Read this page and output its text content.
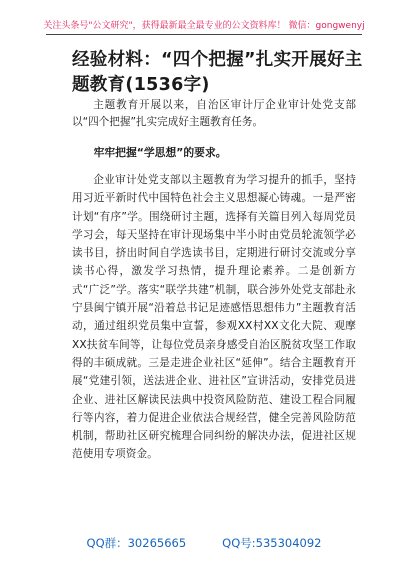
关注头条号"公文研究"，获得最新最全最专业的公文资料库！ 微信：gongwenyj
经验材料：“四个把握”扎实开展好主题教育(1536字)
主题教育开展以来，自治区审计厅企业审计处党支部以“四个把握”扎实完成好主题教育任务。
牢牢把握“学思想”的要求。
企业审计处党支部以主题教育为学习提升的抓手，坚持用习近平新时代中国特色社会主义思想凝心铸魂。一是严密计划“有序”学。围绕研讨主题，选择有关篇目列入每周党员学习会，每天坚持在审计现场集中半小时由党员轮流领学必读书目，挤出时间自学选读书目，定期进行研讨交流或分享读书心得，激发学习热情，提升理论素养。二是创新方式“广泛”学。落实“联学共建”机制，联合涉外处党支部赴永宁县闽宁镇开展“沿着总书记足迹感悟思想伟力”主题教育活动，通过组织党员集中宣誓，参观XX村XX文化大院、观摩XX扶贫车间等，让每位党员亲身感受自治区脱贫攻坚工作取得的丰硕成就。三是走进企业社区“延伸”。结合主题教育开展“党建引领，送法进企业、进社区”宣讲活动，安排党员进企业、进社区解读民法典中投资风险防范、建设工程合同履行等内容，着力促进企业依法合规经营，健全完善风险防范机制，帮助社区研究梳理合同纠纷的解决办法，促进社区规范使用专项资金。
QQ群：30265665	QQ号:535304092
